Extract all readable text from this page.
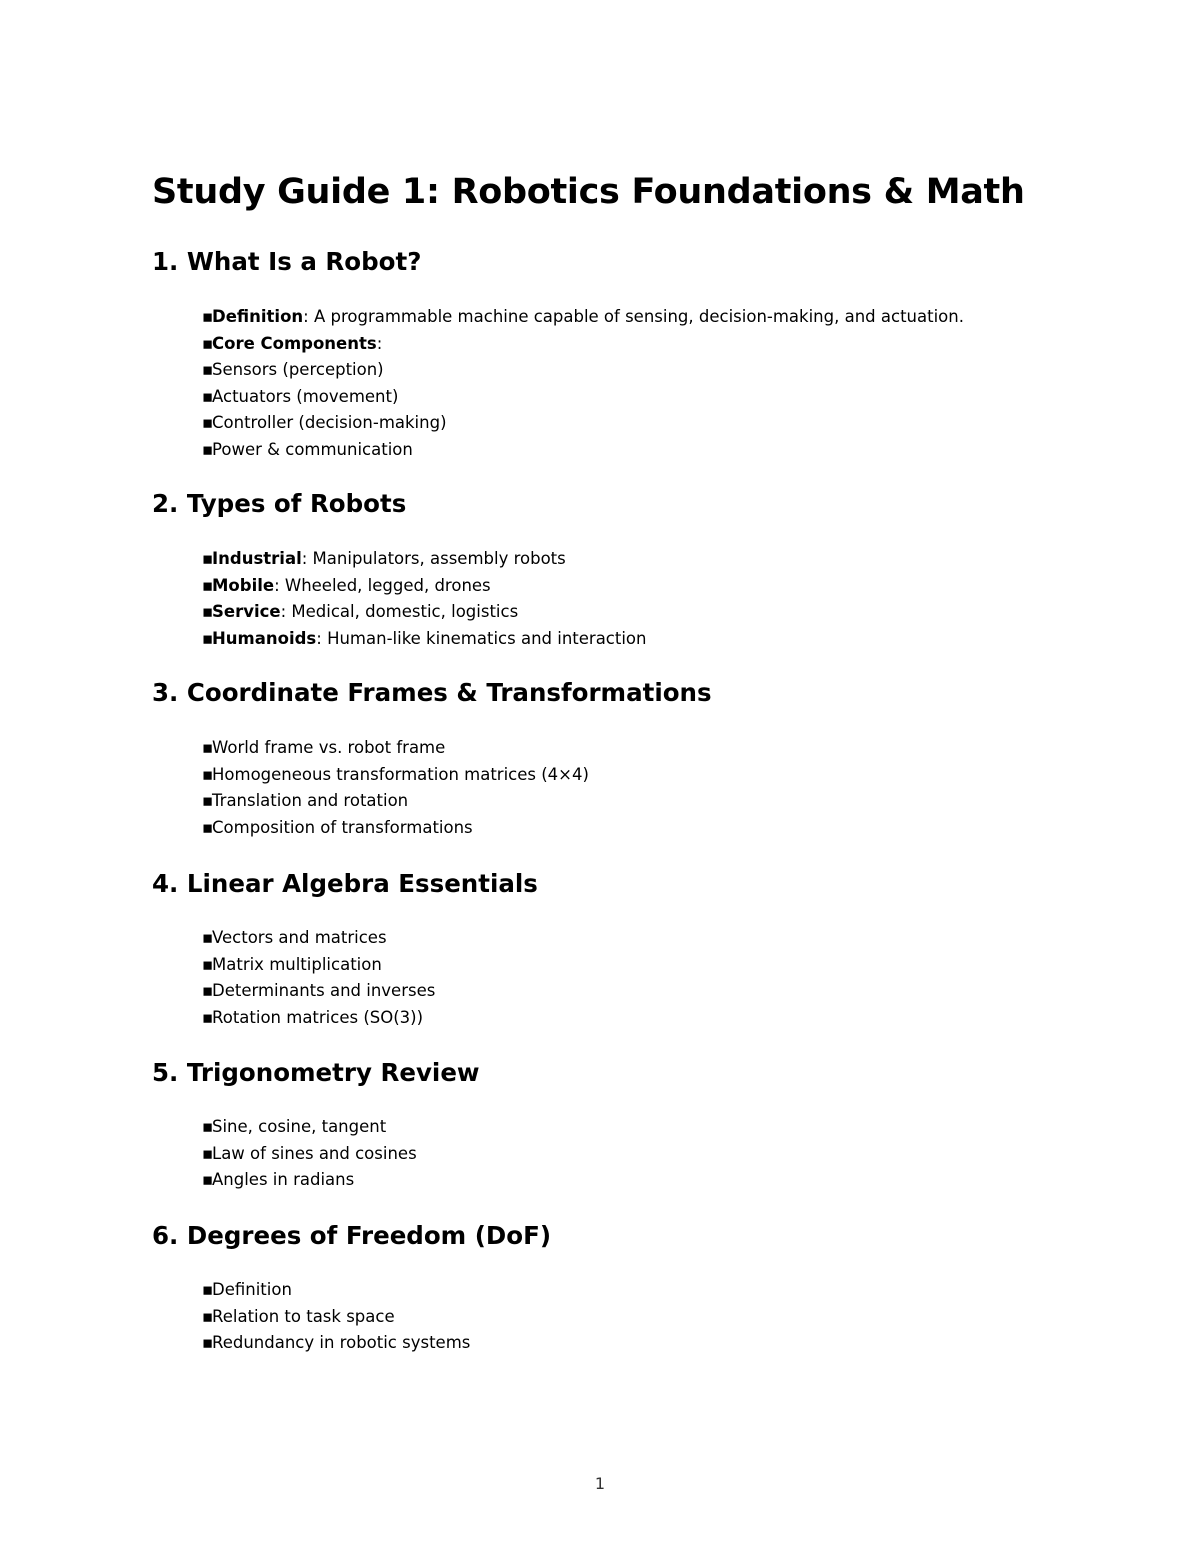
Study Guide 1: Robotics Foundations & Math
1. What Is a Robot?
▪Definition: A programmable machine capable of sensing, decision-making, and actuation.
▪Core Components:
▪Sensors (perception)
▪Actuators (movement)
▪Controller (decision-making)
▪Power & communication
2. Types of Robots
▪Industrial: Manipulators, assembly robots
▪Mobile: Wheeled, legged, drones
▪Service: Medical, domestic, logistics
▪Humanoids: Human-like kinematics and interaction
3. Coordinate Frames & Transformations
▪World frame vs. robot frame
▪Homogeneous transformation matrices (4×4)
▪Translation and rotation
▪Composition of transformations
4. Linear Algebra Essentials
▪Vectors and matrices
▪Matrix multiplication
▪Determinants and inverses
▪Rotation matrices (SO(3))
5. Trigonometry Review
▪Sine, cosine, tangent
▪Law of sines and cosines
▪Angles in radians
6. Degrees of Freedom (DoF)
▪Definition
▪Relation to task space
▪Redundancy in robotic systems
1
